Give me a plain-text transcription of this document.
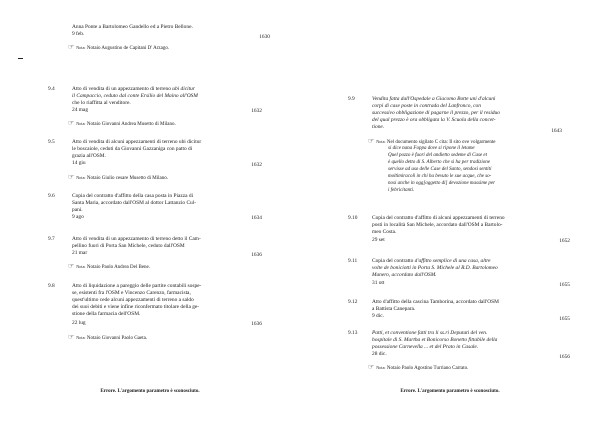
Anna Ponte a Bartolomeo Gandello ed a Pietro Bellone.
9 feb.	1630
☞ Nota: Notaio Augustino de Capitani D' Arzago.
9.4	Atto di vendita di un appezzamento di terreno ubi dicitur
il Campaccio, ceduto dal conte Ersilio del Maino all'OSM
che lo riaffitta al venditore.
24 mag	1632
☞ Nota: Notaio Giovanni Andrea Musetto di Milano.
9.5	Atto di vendita di alcuni appezzamenti di terreno ubi dicitur
le boscaiole, ceduti da Giovanni Gazzaniga con patto di
grazia all'OSM.
14 giu	1632
☞ Nota: Notaio Giulio cesare Musetto di Milano.
9.6	Copia del contratto d'affitto della casa posta in Piazza di
Santa Maria, accordato dall'OSM al dottor Lattanzio Cul-
pani.
9 ago	1634
9.7	Atto di vendita di un appezzamento di terreno detto il Cam-
pellino fuori di Porta San Michele, ceduto dall'OSM
21 mar	1636
☞ Nota: Notaio Paolo Andrea Del Bene.
9.8	Atto di liquidazione a pareggio delle partite contabili sospe-
se, esistenti fra l'OSM e Vincenzo Carenzo, farmacista,
quest'ultimo cede alcuni appezzamenti di terreno a saldo
dei suoi debiti e viene infine riconfermato titolare della ge-
stione della farmacia dell'OSM.
22 lug	1636
☞ Nota: Notaio Giovanni Paolo Gaeta.
Errore. L'argomento parametro è sconosciuto.
9.9	Vendita fatta dall'Ospedale a Giacomo Botte uni d'alcuni
corpi di case poste in contrada del Lanfronco, con
successivo obbligazione di pagarne il prezzo, per il residuo
del qual prezzo è ora obbligata la V. Scuola della concet-
tione.
1643
☞ Nota: Nel documento sigilato C cita: Il sito ove volgarmente
si dice nana Foppa dove si ripone il letame
Quel pozzo è fuori del andietto sedeme di Case et
è quello detto di S. Alberto che si ha per tradizione
servisse ad uso delle Case del Santo, sendosi sentiti
moltimiracoli in chi ha bevuto le sue acque, che so-
nosi anche in ogg[oggetto di] devozione massime per
i febricitanti.
9.10	Copia del contratto d'affitto di alcuni appezzamenti di terreno
posti in località San Michele, accordato dall'OSM a Bartolo-
meo Costa.
29 set	1652
9.11	Copia del contratto d'affitto semplice di una casa, altre
volte de boniciotti in Porta S. Michele al R.D. Bartolomeo
Manero, accordato dall'OSM.
31 ott	1655
9.12	Atto d'affitto della cascina Tamborina, accordato dall'OSM
a Battista Canepara.
9 dic.	1655
9.13	Patti, et conventione fatti tra li ss.ri Deputati del ven.
hospitale di S. Martha et Bonicorso Bonetto fittabile della
possessione Carnevella ... et del Prato in Casale.
28 dic.	1656
☞ Nota: Notaio Paolo Agostino Turriano Carrato.
Errore. L'argomento parametro è sconosciuto.
